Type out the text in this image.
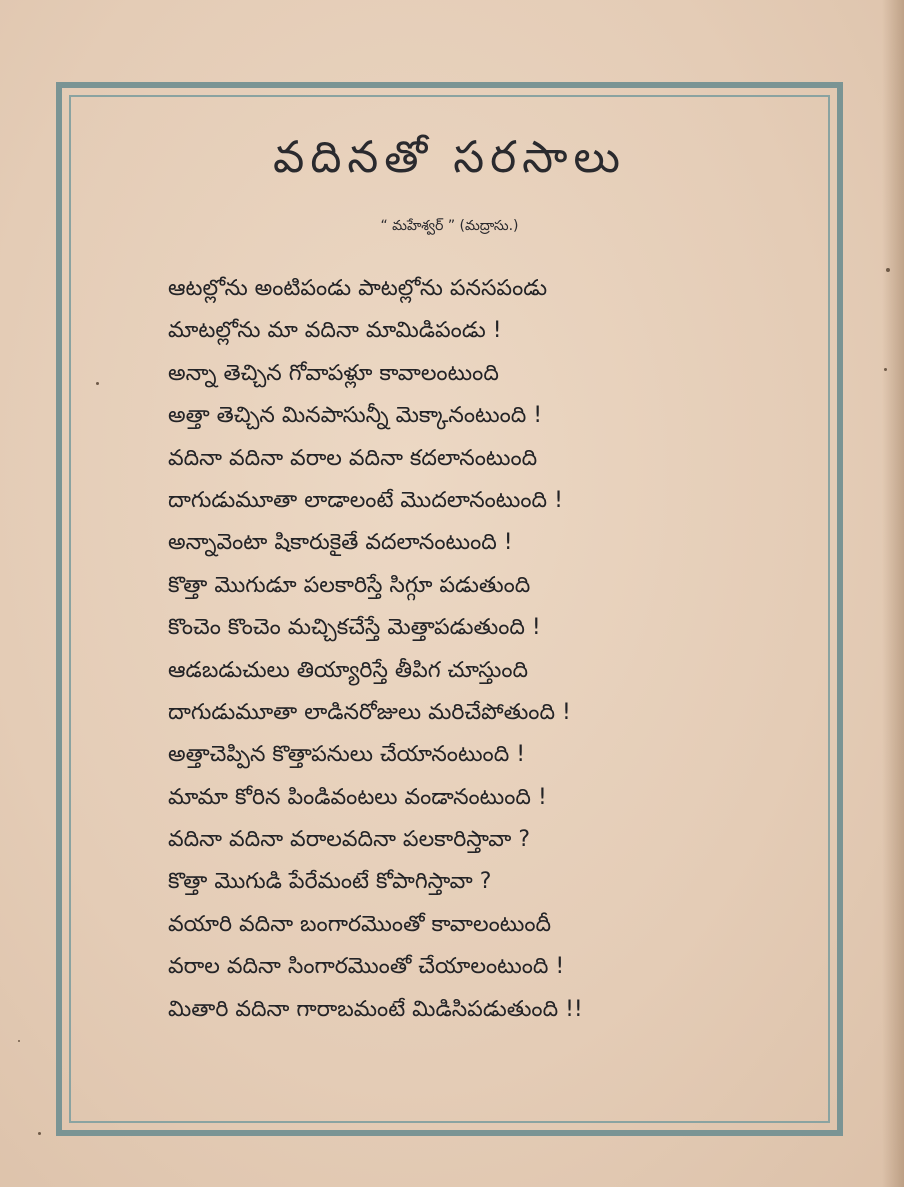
వదినతో సరసాలు
“ మహేశ్వర్ ” (మద్రాసు.)
ఆటల్లోను అంటిపండు పాటల్లోను పనసపండు
మాటల్లోను మా వదినా మామిడిపండు !
అన్నా తెచ్చిన గోవాపళ్లూ కావాలంటుంది
అత్తా తెచ్చిన మినపాసున్నీ మెక్కానంటుంది !
వదినా వదినా వరాల వదినా కదలానంటుంది
దాగుడుమూతా లాడాలంటే మొదలానంటుంది !
అన్నావెంటా షికారుకైతే వదలానంటుంది !
కొత్తా మొగుడూ పలకారిస్తే సిగ్గూ పడుతుంది
కొంచెం కొంచెం మచ్చికచేస్తే మెత్తాపడుతుంది !
ఆడబడుచులు తియ్యారిస్తే తీపిగ చూస్తుంది
దాగుడుమూతా లాడినరోజులు మరిచేపోతుంది !
అత్తాచెప్పిన కొత్తాపనులు చేయానంటుంది !
మామా కోరిన పిండివంటలు వండానంటుంది !
వదినా వదినా వరాలవదినా పలకారిస్తావా ?
కొత్తా మొగుడి పేరేమంటే కోపాగిస్తావా ?
వయారి వదినా బంగారమొంతో కావాలంటుందీ
వరాల వదినా సింగారమొంతో చేయాలంటుంది !
మితారి వదినా గారాబమంటే మిడిసిపడుతుంది !!
